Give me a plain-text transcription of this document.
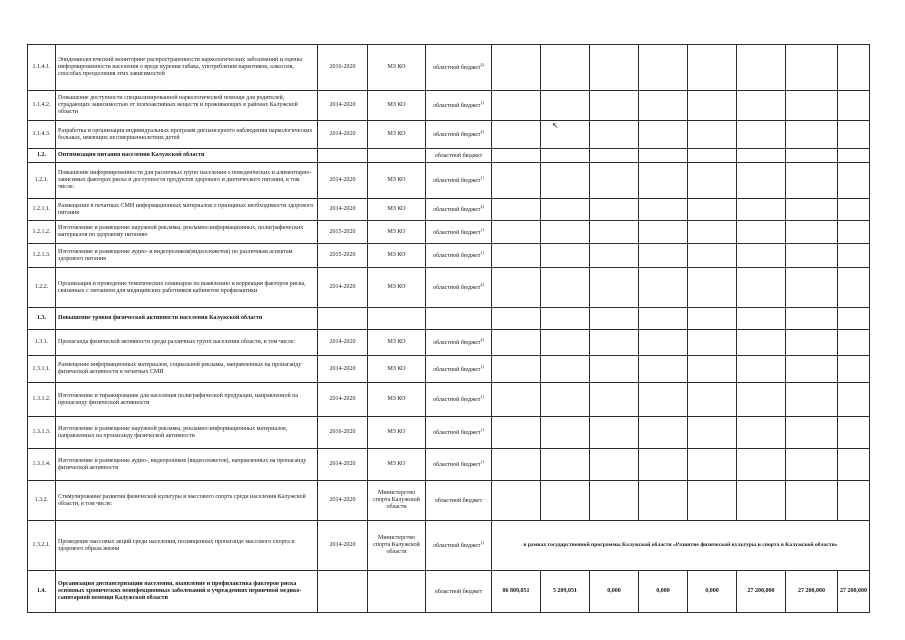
1.1.4.1.	Эпидемиологический мониторинг распространенности наркологических заболеваний и оценка информированности населения о вреде курения табака, употребления наркотиков, алкоголя, способах преодоления этих зависимостей	2016-2020	МЗ КО	областной бюджет$^{4)}$								
1.1.4.2.	Повышение доступности специализированной наркологической помощи для родителей, страдающих зависимостью от психоактивных веществ и проживающих в районах Калужской области	2014-2020	МЗ КО	областной бюджет$^{1)}$								
1.1.4.3.	Разработка и организация индивидуальных программ диспансерного наблюдения наркологических больных, имеющих несовершеннолетних детей	2014-2020	МЗ КО	областной бюджет$^{4)}$								
1.2.	Оптимизация питания населения Калужской области			областной бюджет								
1.2.1.	Повышение информированности для различных групп населения о поведенческих и алиментарно-зависимых факторах риска и доступности продуктов здорового и диетического питания, в том числе:	2014-2020	МЗ КО	областной бюджет$^{1)}$								
1.2.1.1.	Размещение в печатных СМИ информационных материалов о принципах необходимости здорового питания	2014-2020	МЗ КО	областной бюджет$^{4)}$								
1.2.1.2.	Изготовление и размещение наружной рекламы, рекламно-информационных, полиграфических материалов по здоровому питанию	2015-2020	МЗ КО	областной бюджет$^{1)}$								
1.2.1.3.	Изготовление и размещение аудио- и видеороликов(видеосюжетов) по различным аспектам здорового питания	2015-2020	МЗ КО	областной бюджет$^{1)}$								
1.2.2.	Организация и проведение тематических семинаров по выявлению и коррекции факторов риска, связанных с питанием для медицинских работников кабинетов профилактики	2014-2020	МЗ КО	областной бюджет$^{4)}$								
1.3.	Повышение уровня физической активности населения Калужской области											
1.3.1.	Пропаганда физической активности среди различных групп населения области, в том числе:	2014-2020	МЗ КО	областной бюджет$^{4)}$								
1.3.1.1.	Размещение информационных материалов, социальной рекламы, направленных на пропаганду физической активности в печатных СМИ	2014-2020	МЗ КО	областной бюджет$^{1)}$								
1.3.1.2.	Изготовление и тиражирование для населения полиграфической продукции, направленной на пропаганду физической активности	2014-2020	МЗ КО	областной бюджет$^{1)}$								
1.3.1.3.	Изготовление и размещение наружной рекламы, рекламно-информационных материалов, направленных на пропаганду физической активности	2016-2020	МЗ КО	областной бюджет$^{1)}$								
1.3.1.4.	Изготовление и размещение аудио-, видеороликов (видеосюжетов), направленных на пропаганду физической активности	2014-2020	МЗ КО	областной бюджет$^{1)}$								
1.3.2.	Стимулирование развития физической культуры и массового спорта среди населения Калужской области, в том числе:	2014-2020	Министерство спорта Калужской области	областной бюджет								
1.3.2.1.	Проведение массовых акций среди населения, посвященных пропаганде массового спорта и здорового образа жизни	2014-2020	Министерство спорта Калужской области	областной бюджет$^{1)}$	в рамках государственной программы Калужской области «Развитие физической культуры и спорта в Калужской области»							
1.4.	Организация диспансеризации населения, выявление и профилактика факторов риска основных хронических неинфекционных заболеваний в учреждениях первичной медико-санитарной помощи Калужской области			областной бюджет	86 809,051	5 209,051	0,000	0,000	0,000	27 200,000	27 200,000	27 200,000
↖
